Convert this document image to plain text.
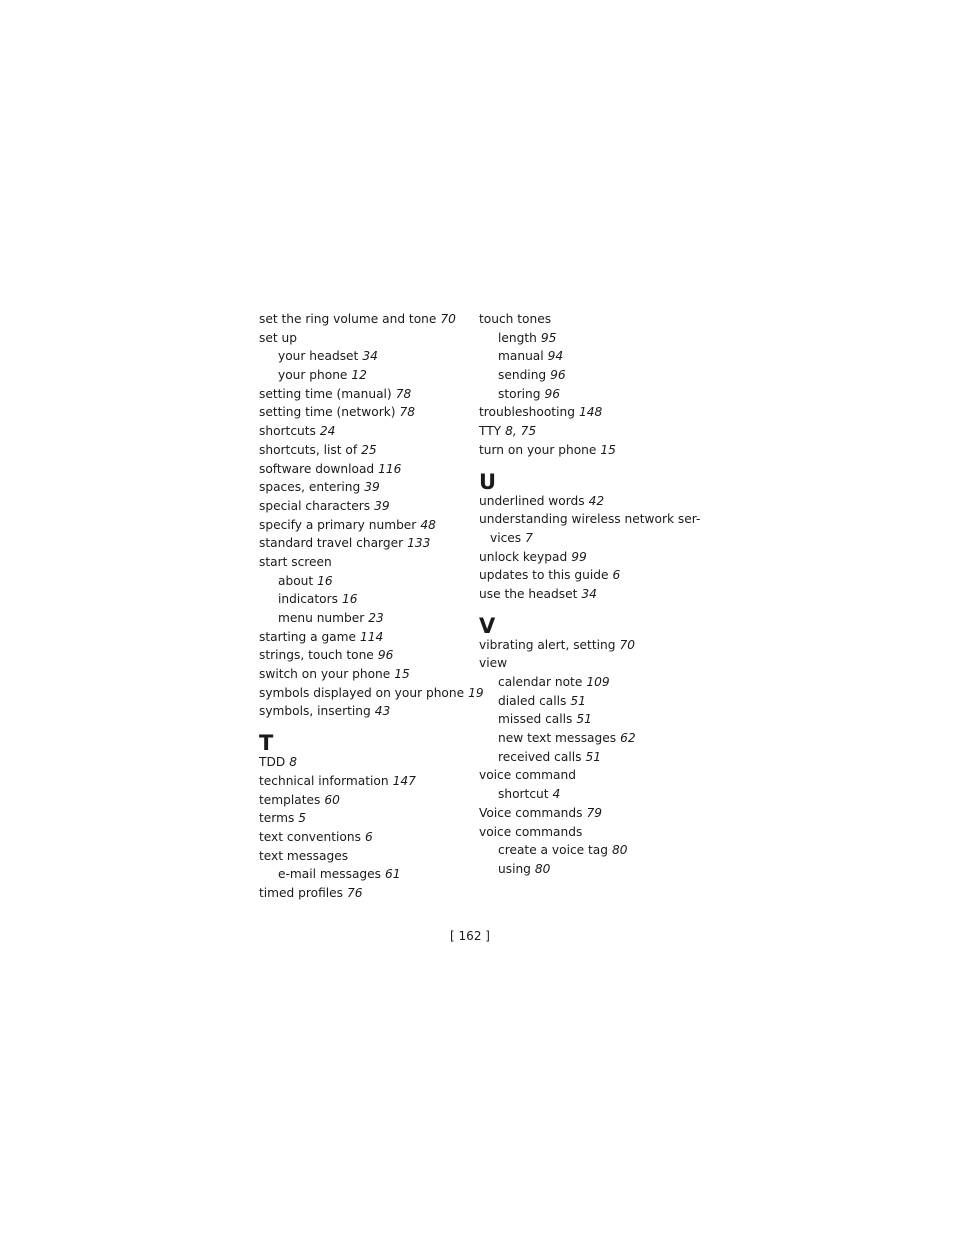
set the ring volume and tone 70
set up
your headset 34
your phone 12
setting time (manual) 78
setting time (network) 78
shortcuts 24
shortcuts, list of 25
software download 116
spaces, entering 39
special characters 39
specify a primary number 48
standard travel charger 133
start screen
about 16
indicators 16
menu number 23
starting a game 114
strings, touch tone 96
switch on your phone 15
symbols displayed on your phone 19
symbols, inserting 43
T
TDD 8
technical information 147
templates 60
terms 5
text conventions 6
text messages
e-mail messages 61
timed profiles 76
touch tones
length 95
manual 94
sending 96
storing 96
troubleshooting 148
TTY 8, 75
turn on your phone 15
U
underlined words 42
understanding wireless network ser-
vices 7
unlock keypad 99
updates to this guide 6
use the headset 34
V
vibrating alert, setting 70
view
calendar note 109
dialed calls 51
missed calls 51
new text messages 62
received calls 51
voice command
shortcut 4
Voice commands 79
voice commands
create a voice tag 80
using 80
[ 162 ]
